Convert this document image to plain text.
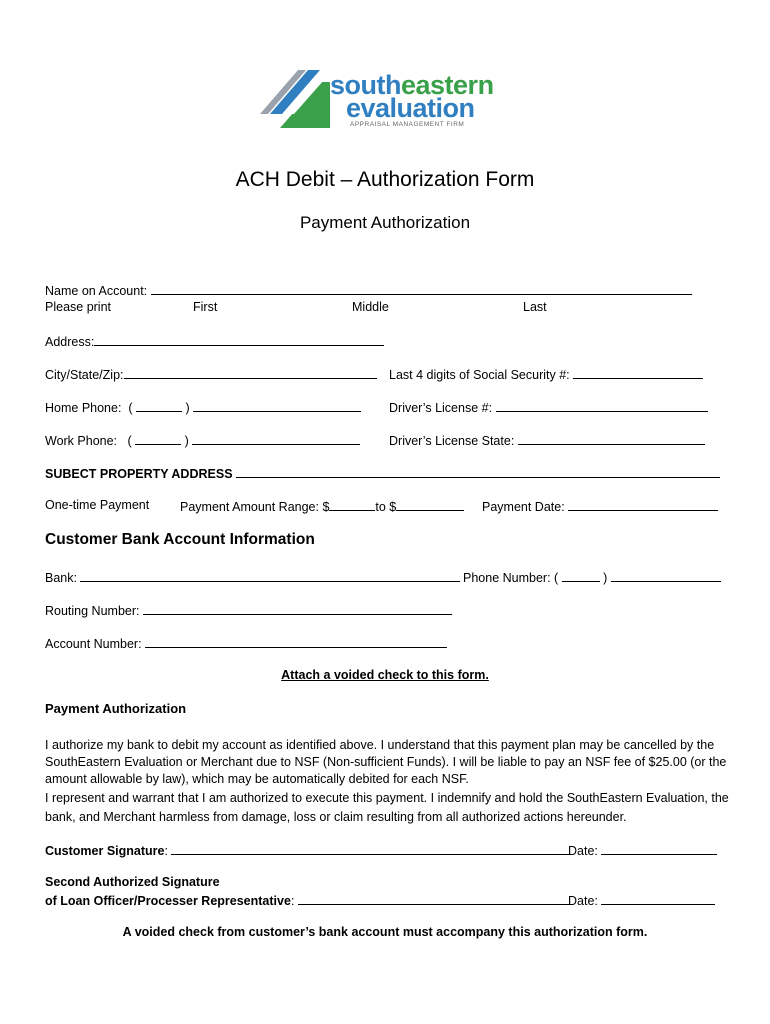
southeastern
evaluation
APPRAISAL MANAGEMENT FIRM
ACH Debit – Authorization Form
Payment Authorization
Name on Account:
Please print	First	Middle	Last
Address:
City/State/Zip:	Last 4 digits of Social Security #:
Home Phone: (	)	Driver’s License #:
Work Phone: (	)	Driver’s License State:
SUBECT PROPERTY ADDRESS
One-time Payment Payment Amount Range: $	to $	Payment Date:
Customer Bank Account Information
Bank:	Phone Number: (	)
Routing Number:
Account Number:
Attach a voided check to this form.
Payment Authorization
I authorize my bank to debit my account as identified above. I understand that this payment plan may be cancelled by the SouthEastern Evaluation or Merchant due to NSF (Non-sufficient Funds). I will be liable to pay an NSF fee of $25.00 (or the amount allowable by law), which may be automatically debited for each NSF.
I represent and warrant that I am authorized to execute this payment. I indemnify and hold the SouthEastern Evaluation, the bank, and Merchant harmless from damage, loss or claim resulting from all authorized actions hereunder.
Customer Signature:	Date:
Second Authorized Signature
of Loan Officer/Processer Representative:	Date:
A voided check from customer’s bank account must accompany this authorization form.
